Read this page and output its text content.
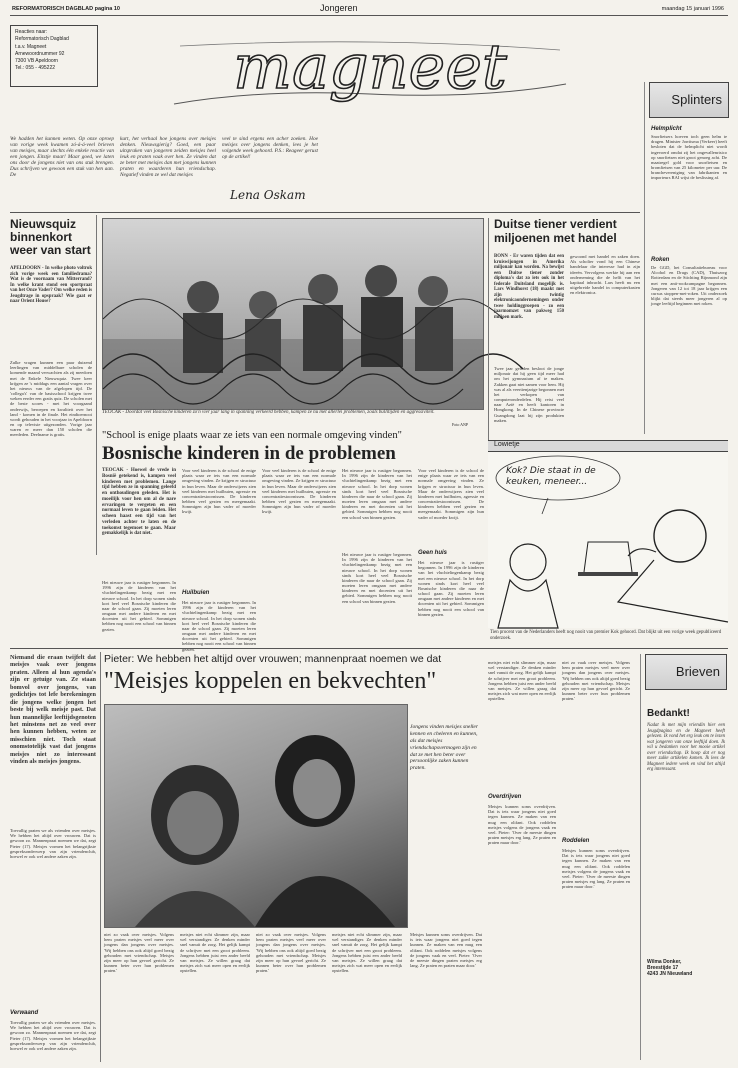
REFORMATORISCH DAGBLAD pagina 10	Jongeren	maandag 15 januari 1996
Reacties naar:
Reformatorisch Dagblad
t.a.v. Magneet
Arnewoordnummer 92
7300 VB Apeldoorn
Tel.: 055 - 495222	magneet	Splinters
Helmplicht
Snorfietsers hoeven toch geen helm te dragen. Minister Jorritsma (Verkeer) heeft besloten dat de helmplicht niet wordt ingevoerd omdat zij het ongevallenrisico op snorfietsen niet groot genoeg acht. De maatregel gold voor snorfietsen en bromfietsen van 25 kilometer per uur. De branchevereniging van fabrikanten en importeurs RAI wijst de beslissing af.
Roken
De GGD, het Consultatiebureau voor Alcohol en Drugs (CAD), Thuiszorg Rotterdam en de Stichting Rijnmond zijn met een anti-rookcampagne begonnen. Jongeren van 12 tot 18 jaar krijgen een cursus stoppen-met-roken. Uit onderzoek blijkt dat steeds meer jongeren al op jonge leeftijd beginnen met roken.
We hadden het kunnen weten. Op onze oproep van vorige week kwamen zó-á-á-veel brieven van meisjes, maar slechts één enkele reactie van een jongen. Eitstje maar! Maar goed, we laten ons door de jongens niet van ons stuk brengen. Dus schrijven we gewoon een stuk van hen aan. De
kurt, het verhaal hoe jongens over meisjes denken. Nieuwsgierig? Goed, een paar uitspraken van jongeren zeiden meisjes heel leuk en praten vaak over hen. Ze vinden dat ze beter met meisjes dan met jongens kunnen praten en waarderen hun vriendschap. Negatief vinden ze wel dat meisjes
veel te sind ergens een acher zoeken. Hoe meisjes over jongens denken, lees je het volgende week gehoord. P.S.: Reageer gerust op de artikel!
Lena Oskam
Nieuwsquiz binnenkort weer van start
APELDOORN - In welke photo voltrok zich vorige week een familiedrama? Wat is de voornaam van Mitterrand? In welke krant stond een sportpraat van het Onze Vader? Om welke reden is Jeugdtrage in opspraak? Wie gaat er naar Orient House?
Zulke vragen kunnen een paar duizend leerlingen van middelbare scholen de komende maand verwachten als zij meedoen met de Enkele Nieuwsquiz. Twee keer krijgen ze 's middags een aantal vragen over het nieuws van de afgelopen tijd. De 'collega's' van de basisschool krijgen twee weken eerder een gratis quiz. De scholen met de beste scores - met het voorgaand onderwijs, beroepen en kwaliteit over het land - komen in de finale. Het eindtoernooi wordt gehouden in het voorjaar in Apeldoorn en op televisie uitgezonden. Vorige jaar waren er meer dan 150 scholen die meededen. Deelname is gratis.
TEOCAK - Doordat veel Bosnische kinderen zo'n vier jaar lang in spanning verkeerd hebben, kampen ze nu met allerlei problemen, zoals bullitijden en aggressiviteit.
Foto ANP
"School is enige plaats waar ze iets van een normale omgeving vinden"
Bosnische kinderen in de problemen
TEOCAK - Hoewel de vrede in Bosnië getekend is, kampen veel kinderen met problemen. Lange tijd hebben ze in spanning geleefd en onthoudingen geleden. Het is moeilijk voor hen om al de nare ervaringen te vergeten en een normaal leven te gaan leiden. Het scheen haast een tijd van het verleden achter te laten en de toekomst tegemoet te gaan. Maar gemakkelijk is dat niet.
Het nieuwe jaar is rustiger begonnen. In 1996 zijn de kinderen van het vluchtelingenkamp bezig met een nieuwe school. In het dorp wonen sinds kort heel veel Bosnische kinderen die naar de school gaan. Zij moeten leren omgaan met andere kinderen en met docenten uit het gebied. Sommigen hebben nog nooit een school van binnen gezien.
Voor veel kinderen is de school de enige plaats waar ze iets van een normale omgeving vinden. Ze krijgen er structuur in hun leven. Maar de onderwijzers zien veel kinderen met huilbuien, agressie en concentratiestoornissen. De kinderen hebben veel gezien en meegemaakt. Sommigen zijn hun vader of moeder kwijt.
Huilbuien
Het nieuwe jaar is rustiger begonnen. In 1996 zijn de kinderen van het vluchtelingenkamp bezig met een nieuwe school. In het dorp wonen sinds kort heel veel Bosnische kinderen die naar de school gaan. Zij moeten leren omgaan met andere kinderen en met docenten uit het gebied. Sommigen hebben nog nooit een school van binnen gezien.
Voor veel kinderen is de school de enige plaats waar ze iets van een normale omgeving vinden. Ze krijgen er structuur in hun leven. Maar de onderwijzers zien veel kinderen met huilbuien, agressie en concentratiestoornissen. De kinderen hebben veel gezien en meegemaakt. Sommigen zijn hun vader of moeder kwijt.
Het nieuwe jaar is rustiger begonnen. In 1996 zijn de kinderen van het vluchtelingenkamp bezig met een nieuwe school. In het dorp wonen sinds kort heel veel Bosnische kinderen die naar de school gaan. Zij moeten leren omgaan met andere kinderen en met docenten uit het gebied. Sommigen hebben nog nooit een school van binnen gezien.
Geen huis
Voor veel kinderen is de school de enige plaats waar ze iets van een normale omgeving vinden. Ze krijgen er structuur in hun leven. Maar de onderwijzers zien veel kinderen met huilbuien, agressie en concentratiestoornissen. De kinderen hebben veel gezien en meegemaakt. Sommigen zijn hun vader of moeder kwijt.
Het nieuwe jaar is rustiger begonnen. In 1996 zijn de kinderen van het vluchtelingenkamp bezig met een nieuwe school. In het dorp wonen sinds kort heel veel Bosnische kinderen die naar de school gaan. Zij moeten leren omgaan met andere kinderen en met docenten uit het gebied. Sommigen hebben nog nooit een school van binnen gezien.
Het nieuwe jaar is rustiger begonnen. In 1996 zijn de kinderen van het vluchtelingenkamp bezig met een nieuwe school. In het dorp wonen sinds kort heel veel Bosnische kinderen die naar de school gaan. Zij moeten leren omgaan met andere kinderen en met docenten uit het gebied. Sommigen hebben nog nooit een school van binnen gezien.
Duitse tiener verdient miljoenen met handel
BONN - Er waren tijden dat een kruiswijongen in Amerika miljonair kan worden. Na bewijst een Duitse tiener zonder diploma's dat zo iets ook in het federale Duitsland mogelijk is. Lars Windhorst (18) maakt met zijn twintig elektronicaondernemingen onder twee holdinggroepen - zo een jaarmomzet van pakweg 150 miljoen mark.
Twee jaar geleden besloot de jonge miljonair dat hij geen tijd meer had om het gymnasium af te maken. Zakken gaat niet samen voor hem. Hij was al als veertienjarige begonnen met het verkopen van computeronderdelen. Hij reist veel naar Azië en heeft kantoren in Hongkong. In de Chinese provincie Guangdong laat hij zijn produkten maken.
gewoond met handel en zaken doen. Als scholier vond hij een Chinese handelaar die interesse had in zijn ideeën. Vervolgens werkte hij aan een onderneming die de helft van het kapitaal inbracht. Lars heeft nu een uitgebreide handel in computerkasten en elektronica.
Lowietje
Kok? Die staat in de keuken, meneer...
Tien procent van de Nederlanders heeft nog nooit van premier Kok gehoord. Dat blijkt uit een vorige week gepubliceerd onderzoek.
Niemand die eraan twijfelt dat meisjes vaak over jongens praten. Alleen al hun agenda's zijn er getuige van. Ze staan bomvol over jongens, van gedichtjes tot lefe berekeningen die jongens welke jongen het beste bij welk meisje past. Dat hun mannelijke leeftijdsgenoten het minstens net zo veel over hen kunnen hebben, weten ze misschien niet. Toch staat onomstotelijk vast dat jongens meisjes niet zo interessant vinden als meisjes jongens.
Toevallig praten we als vrienden over meisjes. We hebben het altijd over vrouwen. Dat is gewoon zo. Mannenpraat noemen we dat, zegt Pieter (17). Meisjes vormen het belangrijkste gespreksonderwerp van zijn vriendenclub, hoewel er ook wel andere zaken zijn.
Verwaand
Toevallig praten we als vrienden over meisjes. We hebben het altijd over vrouwen. Dat is gewoon zo. Mannenpraat noemen we dat, zegt Pieter (17). Meisjes vormen het belangrijkste gespreksonderwerp van zijn vriendenclub, hoewel er ook wel andere zaken zijn.
Pieter: We hebben het altijd over vrouwen; mannenpraat noemen we dat
"Meisjes koppelen en bekvechten"
Jongens vinden meisjes sneller kennen en cheleren en kunnen, als dat meisjes vriendschapsvermogen zijn en dat ze met hen beter over persoonlijke zaken kunnen praten.
niet zo vaak over meisjes. Volgens hem praten meisjes veel meer over jongens dan jongens over meisjes. 'Wij hebben ons ook altijd goed bezig gehouden met vriendschap. Meisjes zijn meer op hun gevoel gericht. Ze kunnen beter over hun problemen praten.'
meisjes niet echt slimmer zijn, maar wel verstandiger. Ze denken minder snel vanuit de zorg. Het gelijk kampt de schrijver met een groot probleem. Jongens hebben juist een ander beeld van meisjes. Ze willen graag dat meisjes zich wat meer open en eerlijk opstellen.
niet zo vaak over meisjes. Volgens hem praten meisjes veel meer over jongens dan jongens over meisjes. 'Wij hebben ons ook altijd goed bezig gehouden met vriendschap. Meisjes zijn meer op hun gevoel gericht. Ze kunnen beter over hun problemen praten.'
meisjes niet echt slimmer zijn, maar wel verstandiger. Ze denken minder snel vanuit de zorg. Het gelijk kampt de schrijver met een groot probleem. Jongens hebben juist een ander beeld van meisjes. Ze willen graag dat meisjes zich wat meer open en eerlijk opstellen.
Meisjes kunnen soms overdrijven. Dat is iets waar jongens niet goed tegen kunnen. Ze maken van een mug een olifant. Ook roddelen meisjes volgens de jongens vaak en veel. Pieter: 'Over de meeste dingen praten meisjes erg lang. Ze praten en praten maar door.'
meisjes niet echt slimmer zijn, maar wel verstandiger. Ze denken minder snel vanuit de zorg. Het gelijk kampt de schrijver met een groot probleem. Jongens hebben juist een ander beeld van meisjes. Ze willen graag dat meisjes zich wat meer open en eerlijk opstellen.
Overdrijven
Meisjes kunnen soms overdrijven. Dat is iets waar jongens niet goed tegen kunnen. Ze maken van een mug een olifant. Ook roddelen meisjes volgens de jongens vaak en veel. Pieter: 'Over de meeste dingen praten meisjes erg lang. Ze praten en praten maar door.'
niet zo vaak over meisjes. Volgens hem praten meisjes veel meer over jongens dan jongens over meisjes. 'Wij hebben ons ook altijd goed bezig gehouden met vriendschap. Meisjes zijn meer op hun gevoel gericht. Ze kunnen beter over hun problemen praten.'
Roddelen
Meisjes kunnen soms overdrijven. Dat is iets waar jongens niet goed tegen kunnen. Ze maken van een mug een olifant. Ook roddelen meisjes volgens de jongens vaak en veel. Pieter: 'Over de meeste dingen praten meisjes erg lang. Ze praten en praten maar door.'
Brieven
Bedankt!
Nadat ik met mijn vriendin hier een Jeugdpagina en de Magneet heeft gelezen. Ik vond het erg leuk om te lezen wat jongeren van onze leeftijd doen. Ik wil u bedanken voor het mooie artikel over vriendschap. Ik hoop dat er nog meer zulke artikelen komen. Ik lees de Magneet iedere week en vind het altijd erg interessant.
Wilma Donker,
Breestijde 17
4243 JN Nieuwland
